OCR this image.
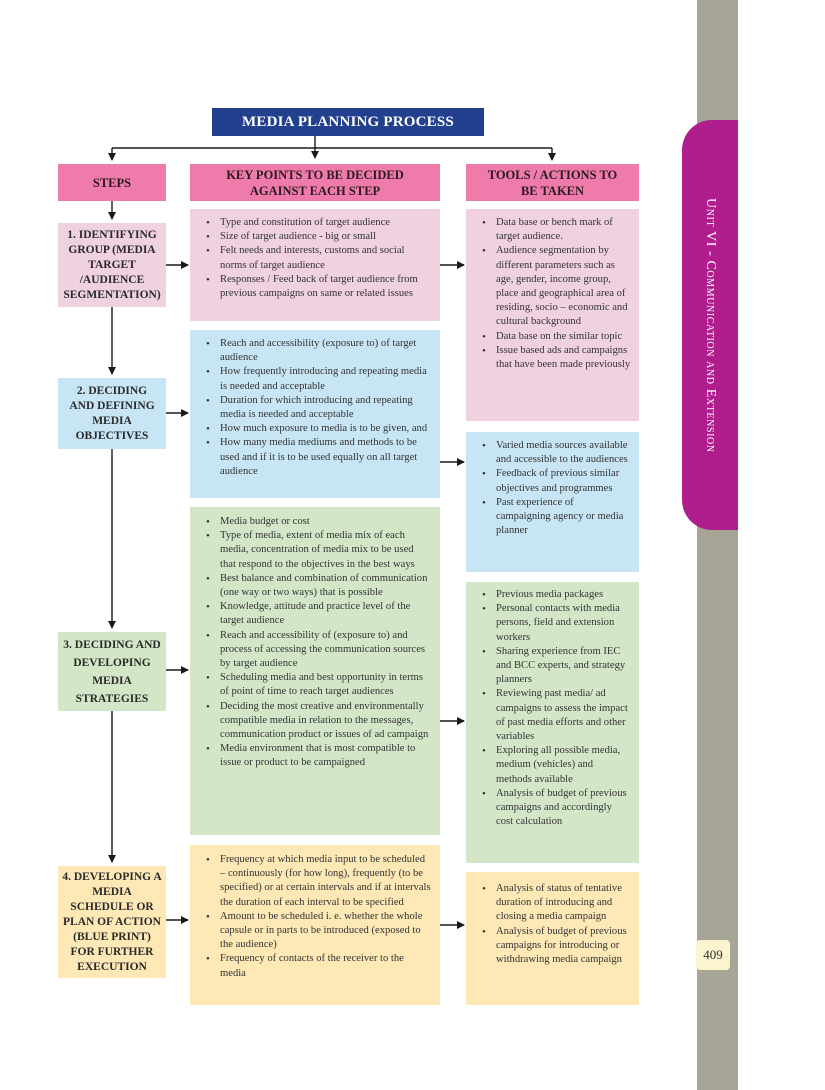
MEDIA PLANNING PROCESS
STEPS
KEY POINTS TO BE DECIDED AGAINST EACH STEP
TOOLS / ACTIONS TO BE TAKEN
1. IDENTIFYING GROUP (MEDIA TARGET /AUDIENCE SEGMENTATION)
2. DECIDING AND DEFINING MEDIA OBJECTIVES
3. DECIDING AND DEVELOPING MEDIA STRATEGIES
4. DEVELOPING A MEDIA SCHEDULE OR PLAN OF ACTION (BLUE PRINT) FOR FURTHER EXECUTION
• Type and constitution of target audience
• Size of target audience - big or small
• Felt needs and interests, customs and social norms of target audience
• Responses / Feed back of target audience from previous campaigns on same or related issues
• Reach and accessibility (exposure to) of target audience
• How frequently introducing and repeating media is needed and acceptable
• Duration for which introducing and repeating media is needed and acceptable
• How much exposure to media is to be given, and
• How many media mediums and methods to be used and if it is to be used equally on all target audience
• Media budget or cost
• Type of media, extent of media mix of each media, concentration of media mix to be used that respond to the objectives in the best ways
• Best balance and combination of communication (one way or two ways) that is possible
• Knowledge, attitude and practice level of the target audience
• Reach and accessibility of (exposure to) and process of accessing the communication sources by target audience
• Scheduling media and best opportunity in terms of point of time to reach target audiences
• Deciding the most creative and environmentally compatible media in relation to the messages, communication product or issues of ad campaign
• Media environment that is most compatible to issue or product to be campaigned
• Frequency at which media input to be scheduled – continuously (for how long), frequently (to be specified) or at certain intervals and if at intervals the duration of each interval to be specified
• Amount to be scheduled i. e. whether the whole capsule or in parts to be introduced (exposed to the audience)
• Frequency of contacts of the receiver to the media
• Data base or bench mark of target audience.
• Audience segmentation by different parameters such as age, gender, income group, place and geographical area of residing, socio – economic and cultural background
• Data base on the similar topic
• Issue based ads and campaigns that have been made previously
• Varied media sources available and accessible to the audiences
• Feedback of previous similar objectives and programmes
• Past experience of campaigning agency or media planner
• Previous media packages
• Personal contacts with media persons, field and extension workers
• Sharing experience from IEC and BCC experts, and strategy planners
• Reviewing past media/ ad campaigns to assess the impact of past media efforts and other variables
• Exploring all possible media, medium (vehicles) and methods available
• Analysis of budget of previous campaigns and accordingly cost calculation
• Analysis of status of tentative duration of introducing and closing a media campaign
• Analysis of budget of previous campaigns for introducing or withdrawing media campaign
Unit VI - Communication and Extension
409
